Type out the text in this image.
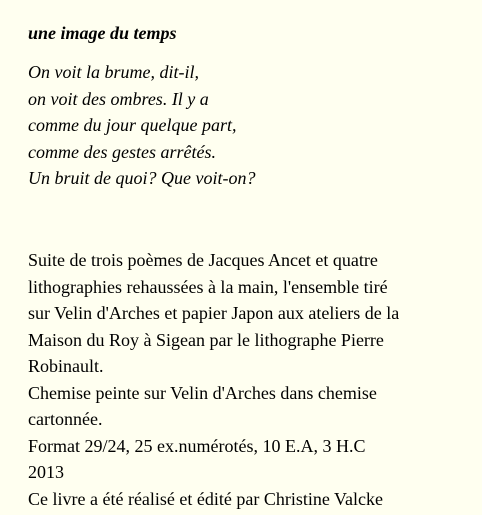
une image du temps
On voit la brume, dit-il,
on voit des ombres. Il y a
comme du jour quelque part,
comme des gestes arrêtés.
Un bruit de quoi? Que voit-on?
Suite de trois poèmes de Jacques Ancet et quatre
lithographies rehaussées à la main, l'ensemble tiré
sur Velin d'Arches et papier Japon aux ateliers de la
Maison du Roy à Sigean par le lithographe Pierre
Robinault.
Chemise peinte sur Velin d'Arches dans chemise
cartonnée.
Format 29/24, 25 ex.numérotés, 10 E.A, 3 H.C
2013
Ce livre a été réalisé et édité par Christine Valcke
